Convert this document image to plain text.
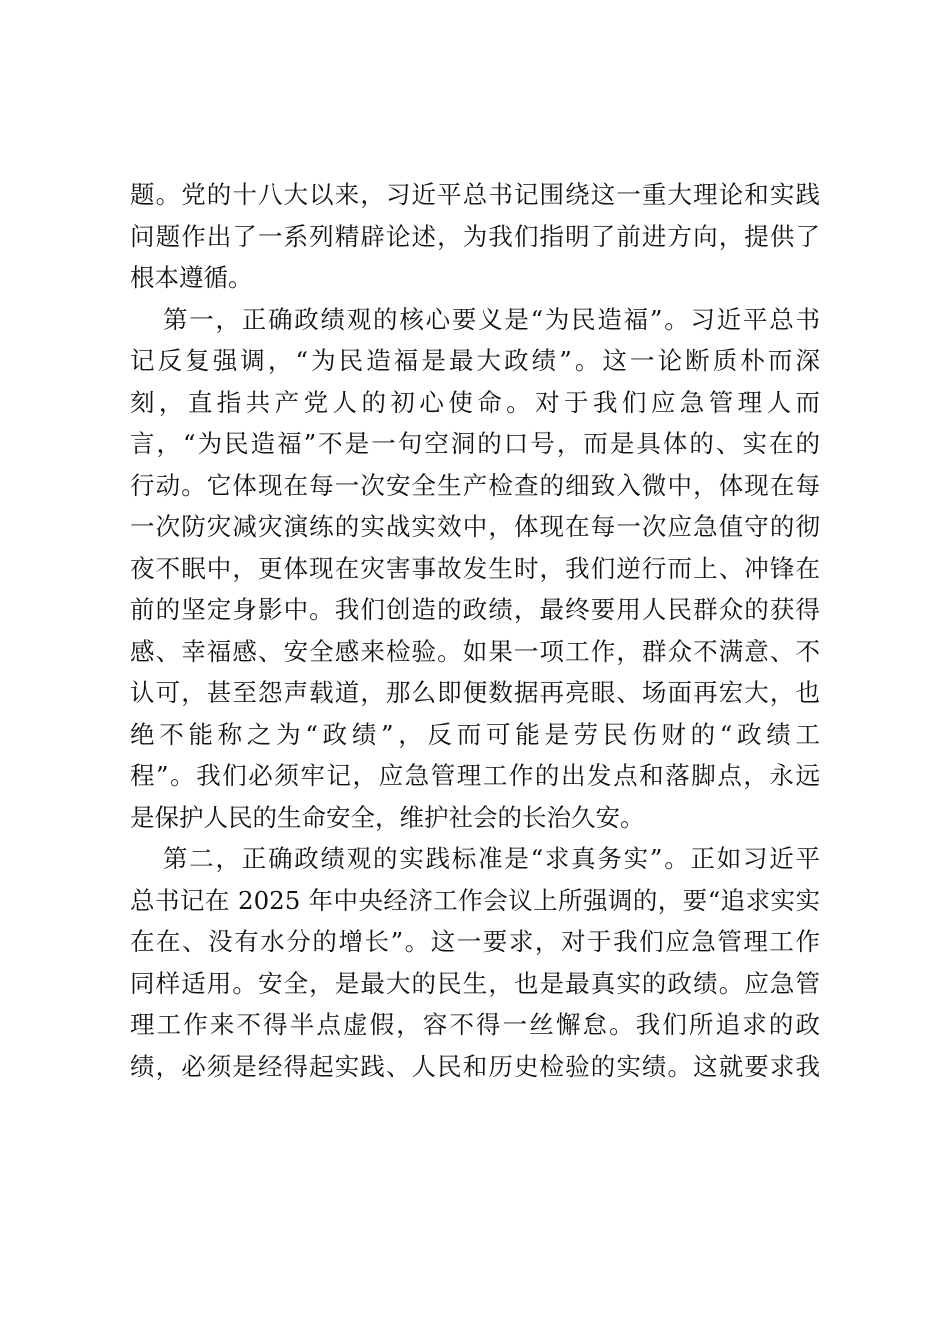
题。党的十八大以来，习近平总书记围绕这一重大理论和实践
问题作出了一系列精辟论述，为我们指明了前进方向，提供了
根本遵循。
第一，正确政绩观的核心要义是“为民造福”。习近平总书
记反复强调，“为民造福是最大政绩”。这一论断质朴而深
刻，直指共产党人的初心使命。对于我们应急管理人而
言，“为民造福”不是一句空洞的口号，而是具体的、实在的
行动。它体现在每一次安全生产检查的细致入微中，体现在每
一次防灾减灾演练的实战实效中，体现在每一次应急值守的彻
夜不眠中，更体现在灾害事故发生时，我们逆行而上、冲锋在
前的坚定身影中。我们创造的政绩，最终要用人民群众的获得
感、幸福感、安全感来检验。如果一项工作，群众不满意、不
认可，甚至怨声载道，那么即便数据再亮眼、场面再宏大，也
绝不能称之为“政绩”，反而可能是劳民伤财的“政绩工
程”。我们必须牢记，应急管理工作的出发点和落脚点，永远
是保护人民的生命安全，维护社会的长治久安。
第二，正确政绩观的实践标准是“求真务实”。正如习近平
总书记在 2025 年中央经济工作会议上所强调的，要“追求实实
在在、没有水分的增长”。这一要求，对于我们应急管理工作
同样适用。安全，是最大的民生，也是最真实的政绩。应急管
理工作来不得半点虚假，容不得一丝懈怠。我们所追求的政
绩，必须是经得起实践、人民和历史检验的实绩。这就要求我
